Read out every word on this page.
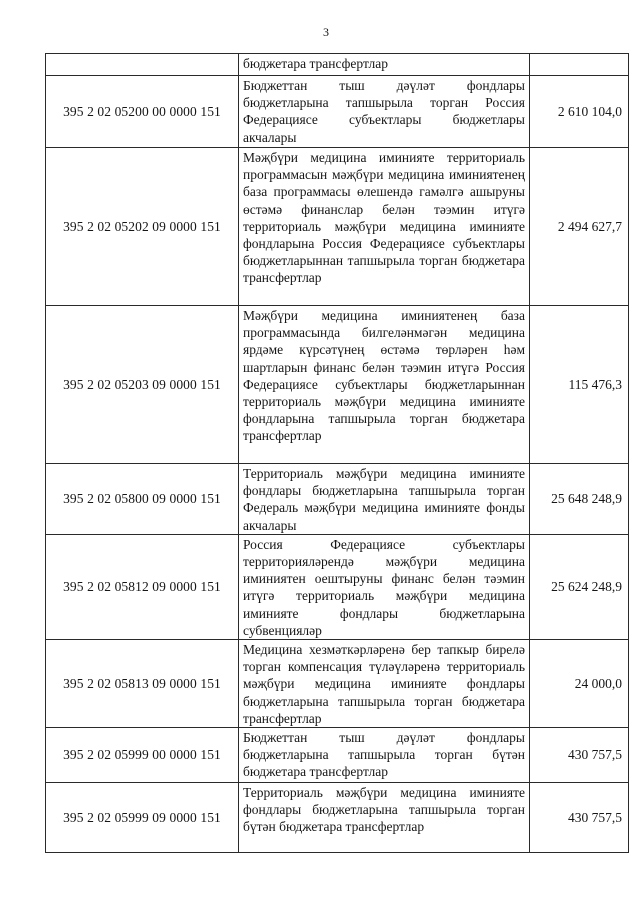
3
	бюджетара трансфертлар	
395 2 02 05200 00 0000 151	Бюджеттан тыш дәүләт фондлары бюджетларына тапшырыла торган Россия Федерациясе субъектлары бюджетлары акчалары	2 610 104,0
395 2 02 05202 09 0000 151	Мәҗбүри медицина иминияте территориаль программасын мәҗбүри медицина иминиятенең база программасы өлешендә гамәлгә ашыруны өстәмә финанслар белән тәэмин итүгә территориаль мәҗбүри медицина иминияте фондларына Россия Федерациясе субъектлары бюджетларыннан тапшырыла торган бюджетара трансфертлар	2 494 627,7
395 2 02 05203 09 0000 151	Мәҗбүри медицина иминиятенең база программасында билгеләнмәгән медицина ярдәме күрсәтүнең өстәмә төрләрен һәм шартларын финанс белән тәэмин итүгә Россия Федерациясе субъектлары бюджетларыннан территориаль мәҗбүри медицина иминияте фондларына тапшырыла торган бюджетара трансфертлар	115 476,3
395 2 02 05800 09 0000 151	Территориаль мәҗбүри медицина иминияте фондлары бюджетларына тапшырыла торган Федераль мәҗбүри медицина иминияте фонды акчалары	25 648 248,9
395 2 02 05812 09 0000 151	Россия Федерациясе субъектлары территорияләрендә мәҗбүри медицина иминиятен оештыруны финанс белән тәэмин итүгә территориаль мәҗбүри медицина иминияте фондлары бюджетларына субвенцияләр	25 624 248,9
395 2 02 05813 09 0000 151	Медицина хезмәткәрләренә бер тапкыр бирелә торган компенсация түләүләренә территориаль мәҗбүри медицина иминияте фондлары бюджетларына тапшырыла торган бюджетара трансфертлар	24 000,0
395 2 02 05999 00 0000 151	Бюджеттан тыш дәүләт фондлары бюджетларына тапшырыла торган бүтән бюджетара трансфертлар	430 757,5
395 2 02 05999 09 0000 151	Территориаль мәҗбүри медицина иминияте фондлары бюджетларына тапшырыла торган бүтән бюджетара трансфертлар	430 757,5
